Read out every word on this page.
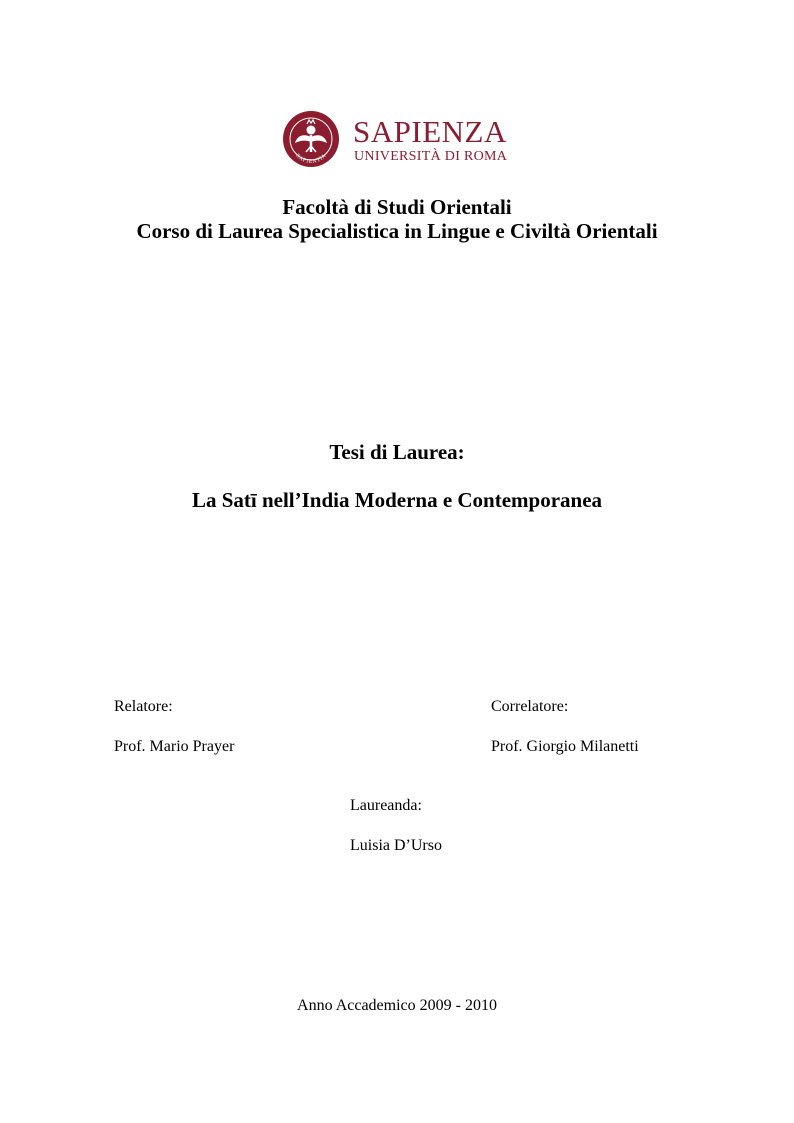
SAPIENTIA
SAPIENZA
UNIVERSITÀ DI ROMA
Facoltà di Studi Orientali
Corso di Laurea Specialistica in Lingue e Civiltà Orientali
Tesi di Laurea:
La Satī nell’India Moderna e Contemporanea
Relatore:
Prof. Mario Prayer
Correlatore:
Prof. Giorgio Milanetti
Laureanda:
Luisia D’Urso
Anno Accademico 2009 - 2010
